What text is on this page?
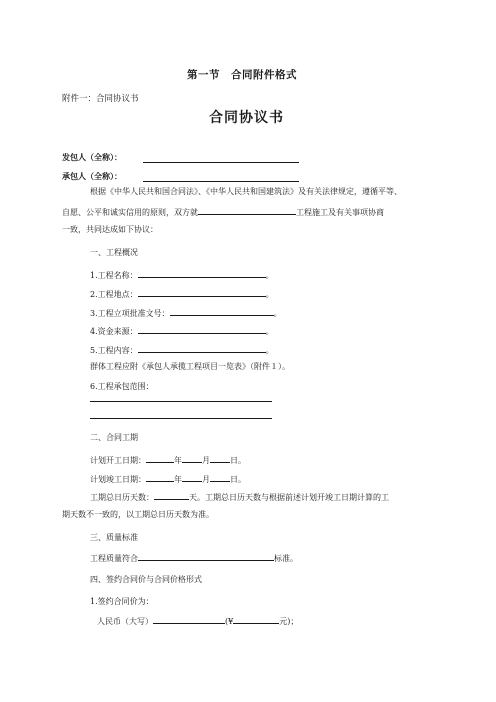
第一节　合同附件格式
附件一：合同协议书
合同协议书
发包人（全称）：
承包人（全称）：
根据《中华人民共和国合同法》、《中华人民共和国建筑法》及有关法律规定，遵循平等、
自愿、公平和诚实信用的原则，双方就	工程施工及有关事项协商
一致，共同达成如下协议：
一、工程概况
1.工程名称：	。
2.工程地点：	。
3.工程立项批准文号：	。
4.资金来源：	。
5.工程内容：	。
群体工程应附《承包人承揽工程项目一览表》（附件１）。
6.工程承包范围：
二、合同工期
计划开工日期：	年	月	日。
计划竣工日期：	年	月	日。
工期总日历天数：	天。工期总日历天数与根据前述计划开竣工日期计算的工
期天数不一致的，以工期总日历天数为准。
三、质量标准
工程质量符合	标准。
四、签约合同价与合同价格形式
1.签约合同价为：
人民币（大写）	(¥	元)；
